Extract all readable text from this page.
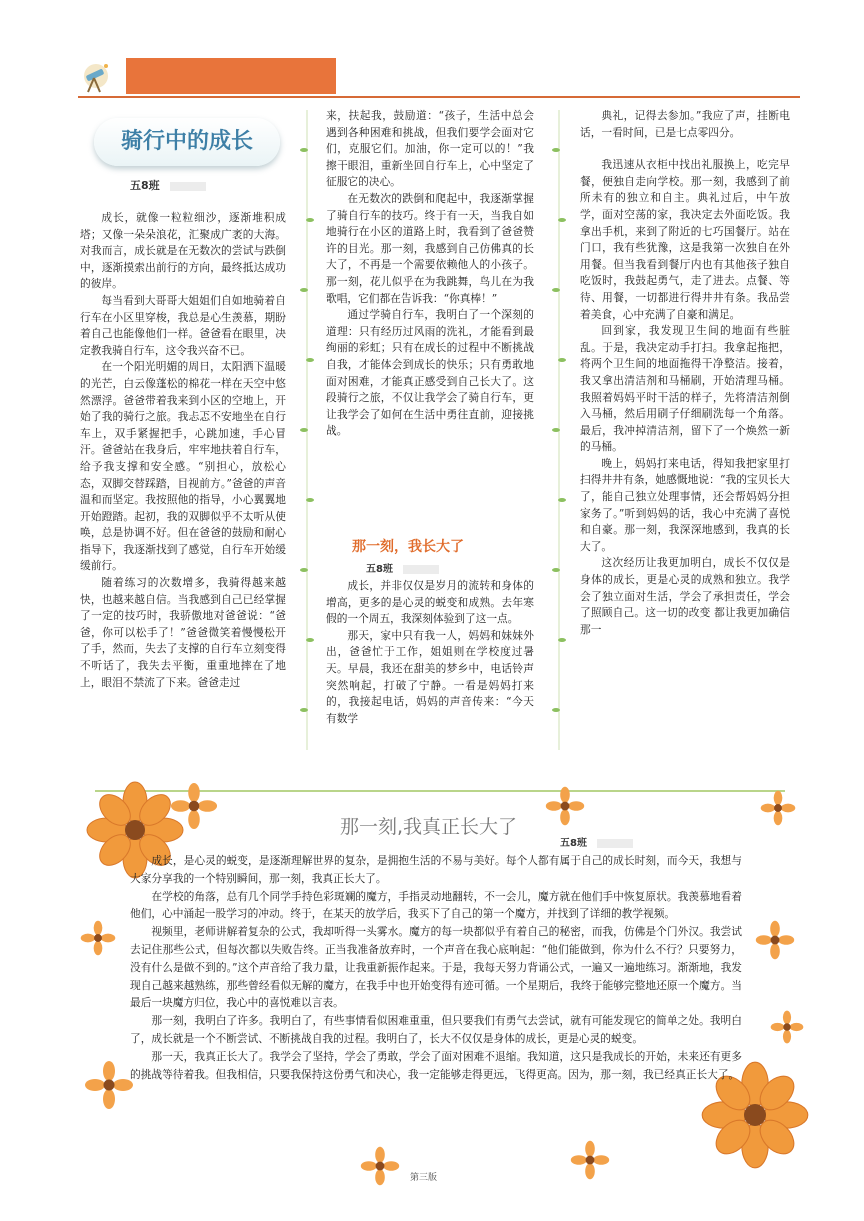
骑行中的成长
五8班

成长，就像一粒粒细沙，逐渐堆积成塔；又像一朵朵浪花，汇聚成广袤的大海。对我而言，成长就是在无数次的尝试与跌倒中，逐渐摸索出前行的方向，最终抵达成功的彼岸。

每当看到大哥哥大姐姐们自如地骑着自行车在小区里穿梭，我总是心生羡慕，期盼着自己也能像他们一样。爸爸看在眼里，决定教我骑自行车，这令我兴奋不已。

在一个阳光明媚的周日，太阳洒下温暖的光芒，白云像蓬松的棉花一样在天空中悠然漂浮。爸爸带着我来到小区的空地上，开始了我的骑行之旅。我忐忑不安地坐在自行车上，双手紧握把手，心跳加速，手心冒汗。爸爸站在我身后，牢牢地扶着自行车，给予我支撑和安全感。“别担心，放松心态，双脚交替踩踏，目视前方。”爸爸的声音温和而坚定。我按照他的指导，小心翼翼地开始蹬踏。起初，我的双脚似乎不太听从使唤，总是协调不好。但在爸爸的鼓励和耐心指导下，我逐渐找到了感觉，自行车开始缓缓前行。

随着练习的次数增多，我骑得越来越快，也越来越自信。当我感到自己已经掌握了一定的技巧时，我骄傲地对爸爸说：“爸爸，你可以松手了！”爸爸微笑着慢慢松开了手，然而，失去了支撑的自行车立刻变得不听话了，我失去平衡，重重地摔在了地上，眼泪不禁流了下来。爸爸走过

来，扶起我，鼓励道：“孩子，生活中总会遇到各种困难和挑战，但我们要学会面对它们，克服它们。加油，你一定可以的！”我擦干眼泪，重新坐回自行车上，心中坚定了征服它的决心。

在无数次的跌倒和爬起中，我逐渐掌握了骑自行车的技巧。终于有一天，当我自如地骑行在小区的道路上时，我看到了爸爸赞许的目光。那一刻，我感到自己仿佛真的长大了，不再是一个需要依赖他人的小孩子。那一刻，花儿似乎在为我跳舞，鸟儿在为我歌唱，它们都在告诉我：“你真棒！”

通过学骑自行车，我明白了一个深刻的道理：只有经历过风雨的洗礼，才能看到最绚丽的彩虹；只有在成长的过程中不断挑战自我，才能体会到成长的快乐；只有勇敢地面对困难，才能真正感受到自己长大了。这段骑行之旅，不仅让我学会了骑自行车，更让我学会了如何在生活中勇往直前，迎接挑战。

那一刻，我长大了
五8班

成长，并非仅仅是岁月的流转和身体的增高，更多的是心灵的蜕变和成熟。去年寒假的一个周五，我深刻体验到了这一点。

那天，家中只有我一人，妈妈和妹妹外出，爸爸忙于工作，姐姐则在学校度过暑天。早晨，我还在甜美的梦乡中，电话铃声突然响起，打破了宁静。一看是妈妈打来的，我接起电话，妈妈的声音传来：“今天有数学

典礼，记得去参加。”我应了声，挂断电话，一看时间，已是七点零四分。

我迅速从衣柜中找出礼服换上，吃完早餐，便独自走向学校。那一刻，我感到了前所未有的独立和自主。典礼过后，中午放学，面对空荡的家，我决定去外面吃饭。我拿出手机，来到了附近的七巧国餐厅。站在门口，我有些犹豫，这是我第一次独自在外用餐。但当我看到餐厅内也有其他孩子独自吃饭时，我鼓起勇气，走了进去。点餐、等待、用餐，一切都进行得井井有条。我品尝着美食，心中充满了自豪和满足。

回到家，我发现卫生间的地面有些脏乱。于是，我决定动手打扫。我拿起拖把，将两个卫生间的地面拖得干净整洁。接着，我又拿出清洁剂和马桶刷，开始清理马桶。我照着妈妈平时干活的样子，先将清洁剂倒入马桶，然后用刷子仔细刷洗每一个角落。最后，我冲掉清洁剂，留下了一个焕然一新的马桶。

晚上，妈妈打来电话，得知我把家里打扫得井井有条，她感慨地说：“我的宝贝长大了，能自己独立处理事情，还会帮妈妈分担家务了。”听到妈妈的话，我心中充满了喜悦和自豪。那一刻，我深深地感到，我真的长大了。

这次经历让我更加明白，成长不仅仅是身体的成长，更是心灵的成熟和独立。我学会了独立面对生活，学会了承担责任，学会了照顾自己。这一切的改变 都让我更加确信 那一

那一刻,我真正长大了
五8班

成长，是心灵的蜕变，是逐渐理解世界的复杂，是拥抱生活的不易与美好。每个人都有属于自己的成长时刻，而今天，我想与大家分享我的一个特别瞬间，那一刻，我真正长大了。

在学校的角落，总有几个同学手持色彩斑斓的魔方，手指灵动地翻转，不一会儿，魔方就在他们手中恢复原状。我羡慕地看着他们，心中涌起一股学习的冲动。终于，在某天的放学后，我买下了自己的第一个魔方，并找到了详细的教学视频。

视频里，老师讲解着复杂的公式，我却听得一头雾水。魔方的每一块都似乎有着自己的秘密，而我，仿佛是个门外汉。我尝试去记住那些公式，但每次都以失败告终。正当我准备放弃时，一个声音在我心底响起：“他们能做到，你为什么不行？只要努力，没有什么是做不到的。”这个声音给了我力量，让我重新振作起来。于是，我每天努力背诵公式，一遍又一遍地练习。渐渐地，我发现自己越来越熟练，那些曾经看似无解的魔方，在我手中也开始变得有迹可循。一个星期后，我终于能够完整地还原一个魔方。当最后一块魔方归位，我心中的喜悦难以言表。

那一刻，我明白了许多。我明白了，有些事情看似困难重重，但只要我们有勇气去尝试，就有可能发现它的简单之处。我明白了，成长就是一个不断尝试、不断挑战自我的过程。我明白了，长大不仅仅是身体的成长，更是心灵的蜕变。

那一天，我真正长大了。我学会了坚持，学会了勇敢，学会了面对困难不退缩。我知道，这只是我成长的开始，未来还有更多的挑战等待着我。但我相信，只要我保持这份勇气和决心，我一定能够走得更远，飞得更高。因为，那一刻，我已经真正长大了。

第三版
